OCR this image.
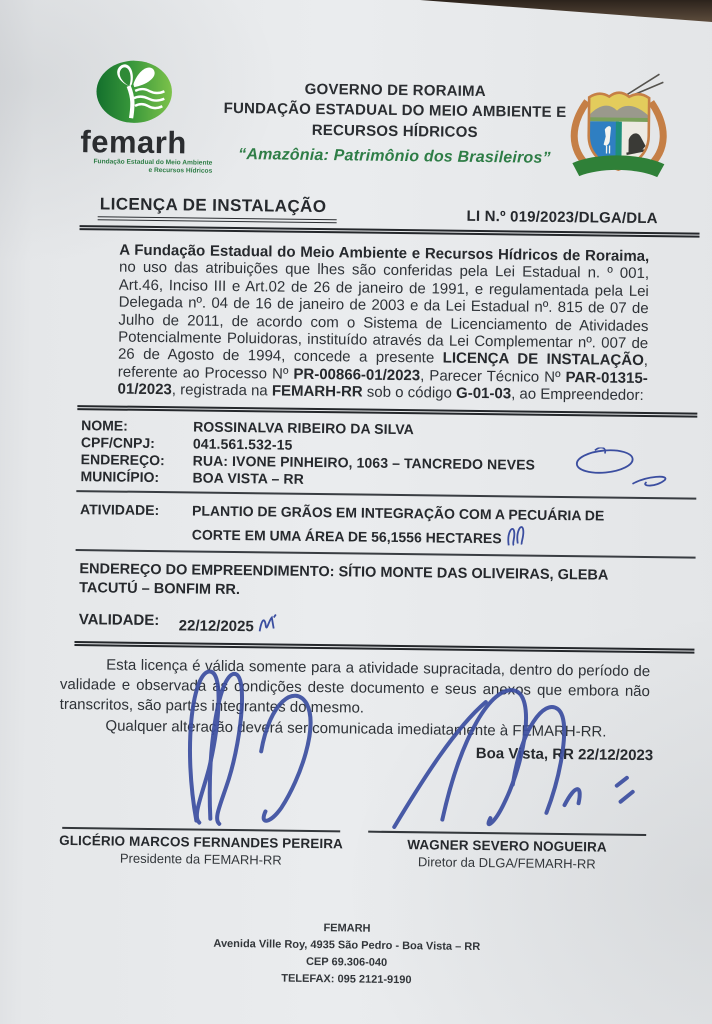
femarh
Fundação Estadual do Meio Ambiente
e Recursos Hídricos
GOVERNO DE RORAIMA
FUNDAÇÃO ESTADUAL DO MEIO AMBIENTE E
RECURSOS HÍDRICOS
“Amazônia: Patrimônio dos Brasileiros”
LICENÇA DE INSTALAÇÃO
LI N.º 019/2023/DLGA/DLA
A Fundação Estadual do Meio Ambiente e Recursos Hídricos de Roraima, no uso das atribuições que lhes são conferidas pela Lei Estadual n. º 001, Art.46, Inciso III e Art.02 de 26 de janeiro de 1991, e regulamentada pela Lei Delegada nº. 04 de 16 de janeiro de 2003 e da Lei Estadual nº. 815 de 07 de Julho de 2011, de acordo com o Sistema de Licenciamento de Atividades Potencialmente Poluidoras, instituído através da Lei Complementar nº. 007 de 26 de Agosto de 1994, concede a presente LICENÇA DE INSTALAÇÃO, referente ao Processo Nº PR-00866-01/2023, Parecer Técnico Nº PAR-01315-01/2023, registrada na FEMARH-RR sob o código G-01-03, ao Empreendedor:
NOME:	ROSSINALVA RIBEIRO DA SILVA
CPF/CNPJ:	041.561.532-15
ENDEREÇO:	RUA: IVONE PINHEIRO, 1063 – TANCREDO NEVES
MUNICÍPIO:	BOA VISTA – RR
ATIVIDADE:	PLANTIO DE GRÃOS EM INTEGRAÇÃO COM A PECUÁRIA DE CORTE EM UMA ÁREA DE 56,1556 HECTARES
ENDEREÇO DO EMPREENDIMENTO: SÍTIO MONTE DAS OLIVEIRAS, GLEBA TACUTÚ – BONFIM RR.
VALIDADE:	22/12/2025

Esta licença é válida somente para a atividade supracitada, dentro do período de validade e observada as condições deste documento e seus anexos que embora não transcritos, são partes integrantes do mesmo.

Qualquer alteração deverá ser comunicada imediatamente à FEMARH-RR.

Boa Vista, RR 22/12/2023
GLICÉRIO MARCOS FERNANDES PEREIRA
Presidente da FEMARH-RR
WAGNER SEVERO NOGUEIRA
Diretor da DLGA/FEMARH-RR
FEMARH
Avenida Ville Roy, 4935 São Pedro - Boa Vista – RR
CEP 69.306-040
TELEFAX: 095 2121-9190
